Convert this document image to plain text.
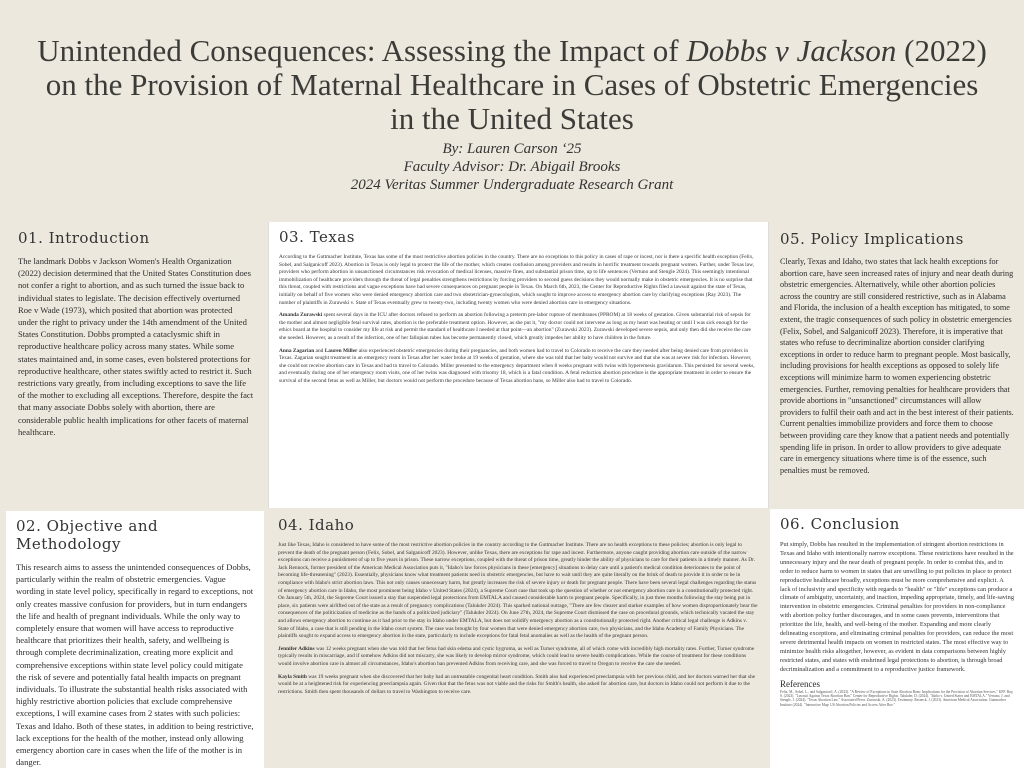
Unintended Consequences: Assessing the Impact of Dobbs v Jackson (2022)
on the Provision of Maternal Healthcare in Cases of Obstetric Emergencies
in the United States
By: Lauren Carson ‘25
Faculty Advisor: Dr. Abigail Brooks
2024 Veritas Summer Undergraduate Research Grant
01. Introduction

The landmark Dobbs v Jackson Women's Health Organization (2022) decision determined that the United States Constitution does not confer a right to abortion, and as such turned the issue back to individual states to legislate. The decision effectively overturned Roe v Wade (1973), which posited that abortion was protected under the right to privacy under the 14th amendment of the United States Constitution. Dobbs prompted a cataclysmic shift in reproductive healthcare policy across many states. While some states maintained and, in some cases, even bolstered protections for reproductive healthcare, other states swiftly acted to restrict it. Such restrictions vary greatly, from including exceptions to save the life of the mother to excluding all exceptions. Therefore, despite the fact that many associate Dobbs solely with abortion, there are considerable public health implications for other facets of maternal healthcare.

02. Objective and Methodology

This research aims to assess the unintended consequences of Dobbs, particularly within the realm of obstetric emergencies. Vague wording in state level policy, specifically in regard to exceptions, not only creates massive confusion for providers, but in turn endangers the life and health of pregnant individuals. While the only way to completely ensure that women will have access to reproductive healthcare that prioritizes their health, safety, and wellbeing is through complete decriminalization, creating more explicit and comprehensive exceptions within state level policy could mitigate the risk of severe and potentially fatal health impacts on pregnant individuals. To illustrate the substantial health risks associated with highly restrictive abortion policies that exclude comprehensive exceptions, I will examine cases from 2 states with such policies: Texas and Idaho. Both of these states, in addition to being restrictive, lack exceptions for the health of the mother, instead only allowing emergency abortion care in cases when the life of the mother is in danger.

03. Texas

According to the Guttmacher Institute, Texas has some of the most restrictive abortion policies in the country. There are no exceptions to this policy in cases of rape or incest, nor is there a specific health exception (Felix, Sobel, and Salganicoff 2023). Abortion in Texas is only legal to protect the life of the mother, which creates confusion among providers and results in horrific treatment towards pregnant women. Further, under Texas law, providers who perform abortion in unsanctioned circumstances risk revocation of medical licenses, massive fines, and substantial prison time, up to life sentences (Vertuno and Stengle 2024). This seemingly intentional immobilization of healthcare providers through the threat of legal penalties strengthens restrictions by forcing providers to second guess decisions they would normally make in obstetric emergencies. It is no surprise that this threat, coupled with restrictions and vague exceptions have had severe consequences on pregnant people in Texas. On March 6th, 2023, the Center for Reproductive Rights filed a lawsuit against the state of Texas, initially on behalf of five women who were denied emergency abortion care and two obstetrician-gynecologists, which sought to improve access to emergency abortion care by clarifying exceptions (Ray 2023). The number of plaintiffs in Zurawski v. State of Texas eventually grew to twenty-two, including twenty women who were denied abortion care in emergency situations.

Amanda Zurawski spent several days in the ICU after doctors refused to perform an abortion following a preterm pre-labor rupture of membranes (PPROM) at 18 weeks of gestation. Given substantial risk of sepsis for the mother and almost negligible fetal survival rates, abortion is the preferable treatment option. However, as she put it, "my doctor could not intervene as long as my heart was beating or until I was sick enough for the ethics board at the hospital to consider my life at risk and permit the standard of healthcare I needed at that point—an abortion" (Zurawski 2023). Zurawski developed severe sepsis, and only then did she receive the care she needed. However, as a result of the infection, one of her fallopian tubes has become permanently closed, which greatly impedes her ability to have children in the future.

Anna Zagarian and Lauren Miller also experienced obstetric emergencies during their pregnancies, and both women had to travel to Colorado to receive the care they needed after being denied care from providers in Texas. Zagarian sought treatment in an emergency room in Texas after her water broke at 19 weeks of gestation, where she was told that her baby would not survive and that she was at severe risk for infection. However, she could not receive abortion care in Texas and had to travel to Colorado. Miller presented to the emergency department when 8 weeks pregnant with twins with hyperemesis gravidarum. This persisted for several weeks, and eventually during one of her emergency room visits, one of her twins was diagnosed with trisomy 18, which is a fatal condition. A fetal reduction abortion procedure is the appropriate treatment in order to ensure the survival of the second fetus as well as Miller, but doctors would not perform the procedure because of Texas abortion bans, so Miller also had to travel to Colorado.

04. Idaho

Just like Texas, Idaho is considered to have some of the most restrictive abortion policies in the country according to the Guttmacher Institute. There are no health exceptions to these policies; abortion is only legal to prevent the death of the pregnant person (Felix, Sobel, and Salganicoff 2023). However, unlike Texas, there are exceptions for rape and incest. Furthermore, anyone caught providing abortion care outside of the narrow exceptions can receive a punishment of up to five years in prison. These narrow exceptions, coupled with the threat of prison time, greatly hinder the ability of physicians to care for their patients in a timely manner. As Dr. Jack Rennock, former president of the American Medical Association puts it, "Idaho's law forces physicians in these [emergency] situations to delay care until a patient's medical condition deteriorates to the point of becoming life-threatening" (2023). Essentially, physicians know what treatment patients need in obstetric emergencies, but have to wait until they are quite literally on the brink of death to provide it in order to be in compliance with Idaho's strict abortion laws. This not only causes unnecessary harm, but greatly increases the risk of severe injury or death for pregnant people. There have been several legal challenges regarding the status of emergency abortion care in Idaho, the most prominent being Idaho v United States (2024), a Supreme Court case that took up the question of whether or not emergency abortion care is a constitutionally protected right. On January 5th, 2024, the Supreme Court issued a stay that suspended legal protections from EMTALA and caused considerable harm to pregnant people. Specifically, in just three months following the stay being put in place, six patients were airlifted out of the state as a result of pregnancy complications (Talukder 2024). This sparked national outrage, "There are few clearer and starker examples of how women disproportionately bear the consequences of the politicization of medicine as the hands of a politicized judiciary" (Talukder 2024). On June 27th, 2024, the Supreme Court dismissed the case on procedural grounds, which technically vacated the stay and allows emergency abortion to continue as it had prior to the stay in Idaho under EMTALA, but does not solidify emergency abortion as a constitutionally protected right. Another critical legal challenge is Adkins v. State of Idaho, a case that is still pending in the Idaho court system. The case was brought by four women that were denied emergency abortion care, two physicians, and the Idaho Academy of Family Physicians. The plaintiffs sought to expand access to emergency abortion in the state, particularly to include exceptions for fatal fetal anomalies as well as the health of the pregnant person.

Jennifer Adkins was 12 weeks pregnant when she was told that her fetus had skin edema and cystic hygroma, as well as Turner syndrome, all of which come with incredibly high mortality rates. Further, Turner syndrome typically results in miscarriage, and if somehow Adkins did not miscarry, she was likely to develop mirror syndrome, which could lead to severe health complications. While the course of treatment for these conditions would involve abortion care in almost all circumstances, Idaho's abortion ban prevented Adkins from receiving care, and she was forced to travel to Oregon to receive the care she needed.

Kayla Smith was 19 weeks pregnant when she discovered that her baby had an untreatable congenital heart condition. Smith also had experienced preeclampsia with her previous child, and her doctors warned her that she would be at a heightened risk for experiencing preeclampsia again. Given that that the fetus was not viable and the risks for Smith's health, she asked for abortion care, but doctors in Idaho could not perform it due to the restrictions. Smith then spent thousands of dollars to travel to Washington to receive care.

05. Policy Implications

Clearly, Texas and Idaho, two states that lack health exceptions for abortion care, have seen increased rates of injury and near death during obstetric emergencies. Alternatively, while other abortion policies across the country are still considered restrictive, such as in Alabama and Florida, the inclusion of a health exception has mitigated, to some extent, the tragic consequences of such policy in obstetric emergencies (Felix, Sobel, and Salganicoff 2023). Therefore, it is imperative that states who refuse to decriminalize abortion consider clarifying exceptions in order to reduce harm to pregnant people. Most basically, including provisions for health exceptions as opposed to solely life exceptions will minimize harm to women experiencing obstetric emergencies. Further, removing penalties for healthcare providers that provide abortions in "unsanctioned" circumstances will allow providers to fulfil their oath and act in the best interest of their patients. Current penalties immobilize providers and force them to choose between providing care they know that a patient needs and potentially spending life in prison. In order to allow providers to give adequate care in emergency situations where time is of the essence, such penalties must be removed.

06. Conclusion

Put simply, Dobbs has resulted in the implementation of stringent abortion restrictions in Texas and Idaho with intentionally narrow exceptions. These restrictions have resulted in the unnecessary injury and the near death of pregnant people. In order to combat this, and in order to reduce harm to women in states that are unwilling to put policies in place to protect reproductive healthcare broadly, exceptions must be more comprehensive and explicit. A lack of inclusivity and specificity with regards to "health" or "life" exceptions can produce a climate of ambiguity, uncertainty, and inaction, impeding appropriate, timely, and life-saving intervention in obstetric emergencies. Criminal penalties for providers in non-compliance with abortion policy further discourages, and in some cases prevents, interventions that prioritize the life, health, and well-being of the mother. Expanding and more clearly delineating exceptions, and eliminating criminal penalties for providers, can reduce the most severe detrimental health impacts on women in restricted states. The most effective way to minimize health risks altogether, however, as evident in data comparisons between highly restricted states, and states with enshrined legal protections to abortion, is through broad decriminalization and a commitment to a reproductive justice framework.

References

Felix, M., Sobel, L., and Salganicoff, A. (2023). "A Review of Exceptions in State Abortion Bans: Implications for the Provision of Abortion Services." KFF. Ray, S. (2023). "Lawsuit Against Texas Abortion Ban." Center for Reproductive Rights. Talukder, D. (2024). "Idaho v. United States and EMTALA." Vertuno, J. and Stengle, J. (2024). "Texas Abortion Law." Associated Press. Zurawski, A. (2023). Testimony. Resneck, J. (2023). American Medical Association. Guttmacher Institute (2024). "Interactive Map: US Abortion Policies and Access After Roe."
